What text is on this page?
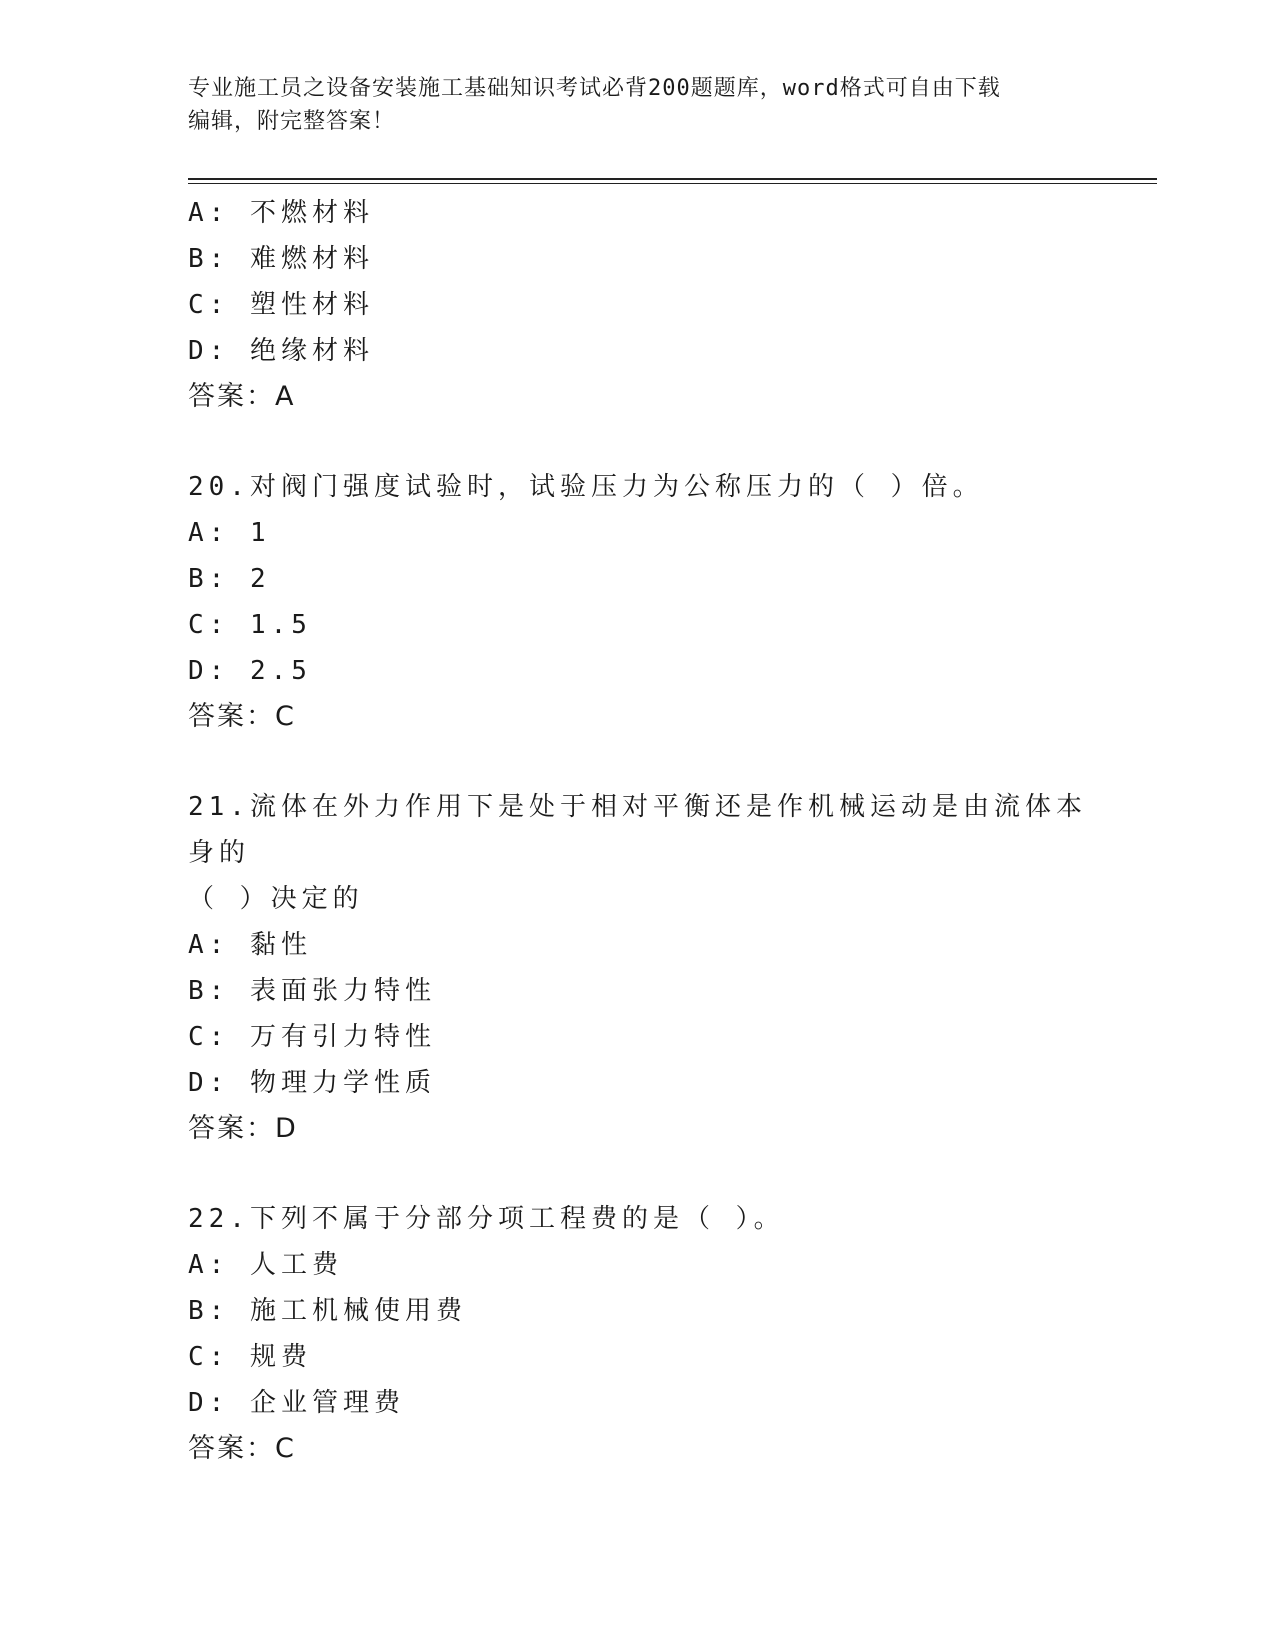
专业施工员之设备安装施工基础知识考试必背200题题库，word格式可自由下载
编辑，附完整答案！
A: 不燃材料
B: 难燃材料
C: 塑性材料
D: 绝缘材料
答案：A
20.对阀门强度试验时，试验压力为公称压力的（ ）倍。
A: 1
B: 2
C: 1.5
D: 2.5
答案：C
21.流体在外力作用下是处于相对平衡还是作机械运动是由流体本身的
（ ）决定的
A: 黏性
B: 表面张力特性
C: 万有引力特性
D: 物理力学性质
答案：D
22.下列不属于分部分项工程费的是（ ）。
A: 人工费
B: 施工机械使用费
C: 规费
D: 企业管理费
答案：C
